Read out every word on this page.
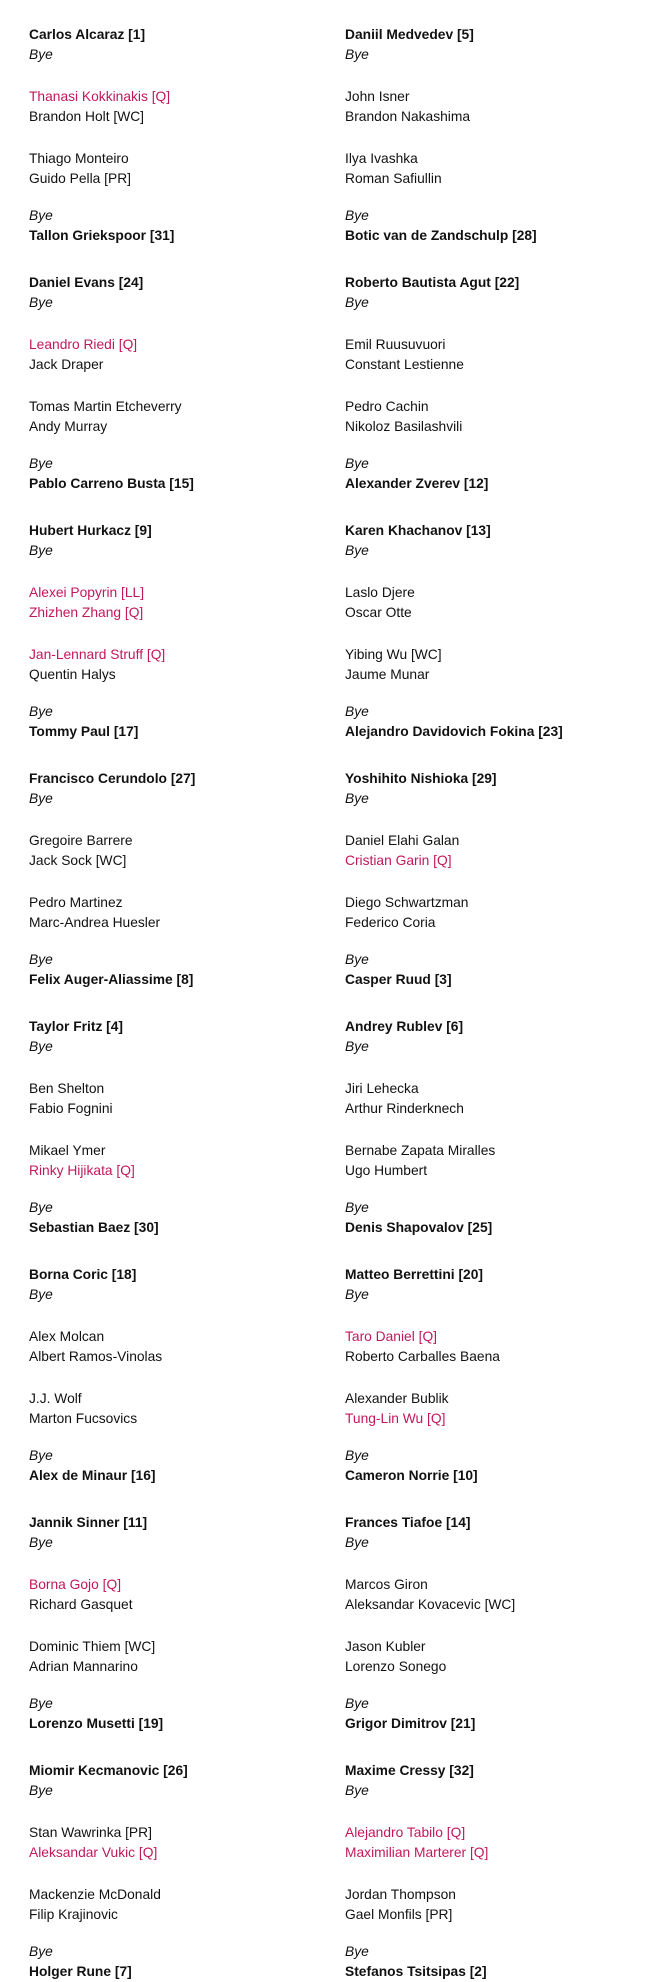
Carlos Alcaraz [1]
Bye
Thanasi Kokkinakis [Q]
Brandon Holt [WC]
Thiago Monteiro
Guido Pella [PR]
Bye
Tallon Griekspoor [31]
Daniel Evans [24]
Bye
Leandro Riedi [Q]
Jack Draper
Tomas Martin Etcheverry
Andy Murray
Bye
Pablo Carreno Busta [15]
Hubert Hurkacz [9]
Bye
Alexei Popyrin [LL]
Zhizhen Zhang [Q]
Jan-Lennard Struff [Q]
Quentin Halys
Bye
Tommy Paul [17]
Francisco Cerundolo [27]
Bye
Gregoire Barrere
Jack Sock [WC]
Pedro Martinez
Marc-Andrea Huesler
Bye
Felix Auger-Aliassime [8]
Taylor Fritz [4]
Bye
Ben Shelton
Fabio Fognini
Mikael Ymer
Rinky Hijikata [Q]
Bye
Sebastian Baez [30]
Borna Coric [18]
Bye
Alex Molcan
Albert Ramos-Vinolas
J.J. Wolf
Marton Fucsovics
Bye
Alex de Minaur [16]
Jannik Sinner [11]
Bye
Borna Gojo [Q]
Richard Gasquet
Dominic Thiem [WC]
Adrian Mannarino
Bye
Lorenzo Musetti [19]
Miomir Kecmanovic [26]
Bye
Stan Wawrinka [PR]
Aleksandar Vukic [Q]
Mackenzie McDonald
Filip Krajinovic
Bye
Holger Rune [7]
Daniil Medvedev [5]
Bye
John Isner
Brandon Nakashima
Ilya Ivashka
Roman Safiullin
Bye
Botic van de Zandschulp [28]
Roberto Bautista Agut [22]
Bye
Emil Ruusuvuori
Constant Lestienne
Pedro Cachin
Nikoloz Basilashvili
Bye
Alexander Zverev [12]
Karen Khachanov [13]
Bye
Laslo Djere
Oscar Otte
Yibing Wu [WC]
Jaume Munar
Bye
Alejandro Davidovich Fokina [23]
Yoshihito Nishioka [29]
Bye
Daniel Elahi Galan
Cristian Garin [Q]
Diego Schwartzman
Federico Coria
Bye
Casper Ruud [3]
Andrey Rublev [6]
Bye
Jiri Lehecka
Arthur Rinderknech
Bernabe Zapata Miralles
Ugo Humbert
Bye
Denis Shapovalov [25]
Matteo Berrettini [20]
Bye
Taro Daniel [Q]
Roberto Carballes Baena
Alexander Bublik
Tung-Lin Wu [Q]
Bye
Cameron Norrie [10]
Frances Tiafoe [14]
Bye
Marcos Giron
Aleksandar Kovacevic [WC]
Jason Kubler
Lorenzo Sonego
Bye
Grigor Dimitrov [21]
Maxime Cressy [32]
Bye
Alejandro Tabilo [Q]
Maximilian Marterer [Q]
Jordan Thompson
Gael Monfils [PR]
Bye
Stefanos Tsitsipas [2]
